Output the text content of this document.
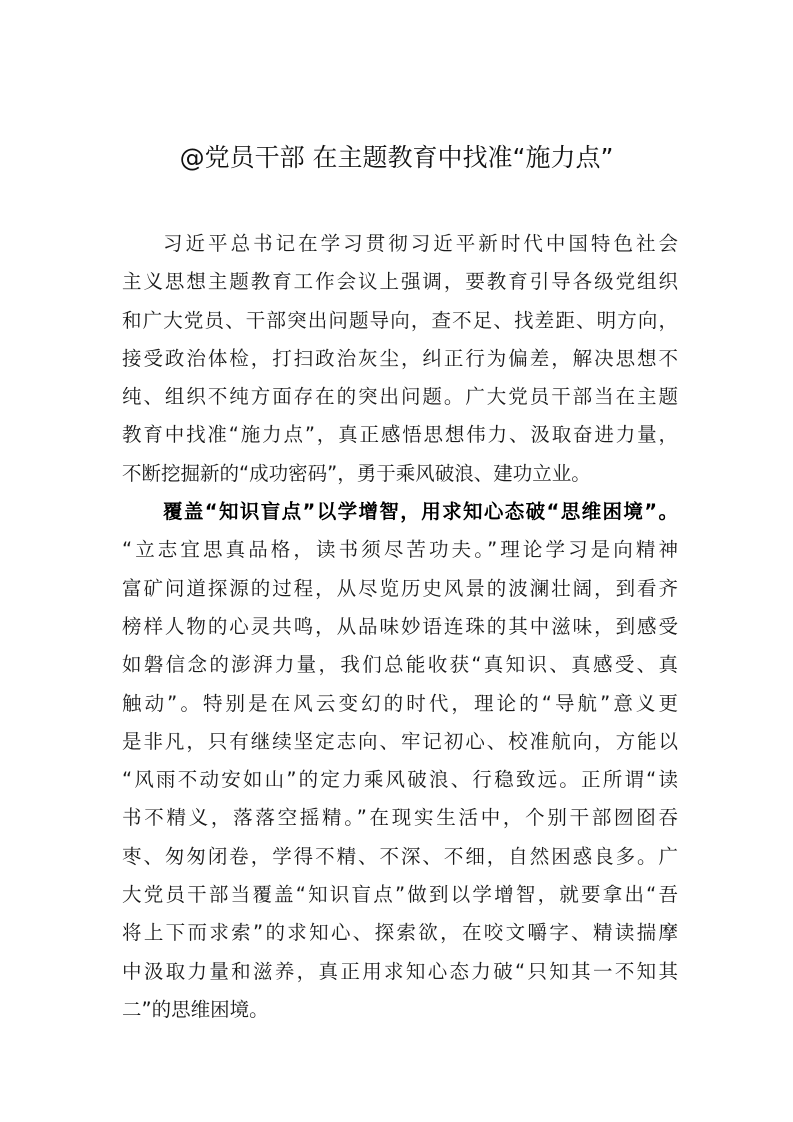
@党员干部 在主题教育中找准“施力点”
习近平总书记在学习贯彻习近平新时代中国特色社会
主义思想主题教育工作会议上强调，要教育引导各级党组织
和广大党员、干部突出问题导向，查不足、找差距、明方向，
接受政治体检，打扫政治灰尘，纠正行为偏差，解决思想不
纯、组织不纯方面存在的突出问题。广大党员干部当在主题
教育中找准“施力点”，真正感悟思想伟力、汲取奋进力量，
不断挖掘新的“成功密码”，勇于乘风破浪、建功立业。
覆盖“知识盲点”以学增智，用求知心态破“思维困境”。
“立志宜思真品格，读书须尽苦功夫。”理论学习是向精神
富矿问道探源的过程，从尽览历史风景的波澜壮阔，到看齐
榜样人物的心灵共鸣，从品味妙语连珠的其中滋味，到感受
如磐信念的澎湃力量，我们总能收获“真知识、真感受、真
触动”。特别是在风云变幻的时代，理论的“导航”意义更
是非凡，只有继续坚定志向、牢记初心、校准航向，方能以
“风雨不动安如山”的定力乘风破浪、行稳致远。正所谓“读
书不精义，落落空摇精。”在现实生活中，个别干部囫囵吞
枣、匆匆闭卷，学得不精、不深、不细，自然困惑良多。广
大党员干部当覆盖“知识盲点”做到以学增智，就要拿出“吾
将上下而求索”的求知心、探索欲，在咬文嚼字、精读揣摩
中汲取力量和滋养，真正用求知心态力破“只知其一不知其
二”的思维困境。
